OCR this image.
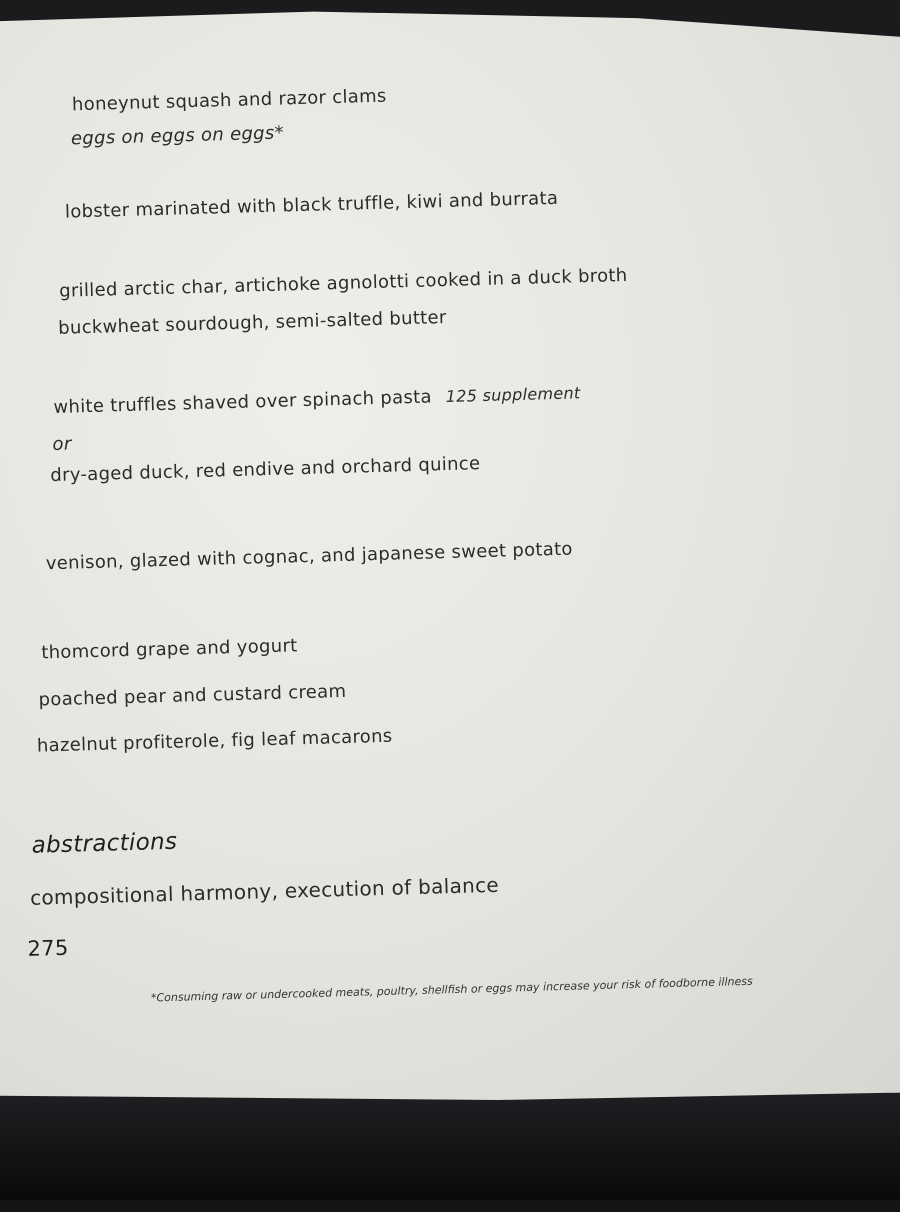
honeynut squash and razor clams
eggs on eggs on eggs*
lobster marinated with black truffle, kiwi and burrata
grilled arctic char, artichoke agnolotti cooked in a duck broth
buckwheat sourdough, semi-salted butter
white truffles shaved over spinach pasta 125 supplement
or
dry-aged duck, red endive and orchard quince
venison, glazed with cognac, and japanese sweet potato
thomcord grape and yogurt
poached pear and custard cream
hazelnut profiterole, fig leaf macarons
abstractions
compositional harmony, execution of balance
275
*Consuming raw or undercooked meats, poultry, shellfish or eggs may increase your risk of foodborne illness
